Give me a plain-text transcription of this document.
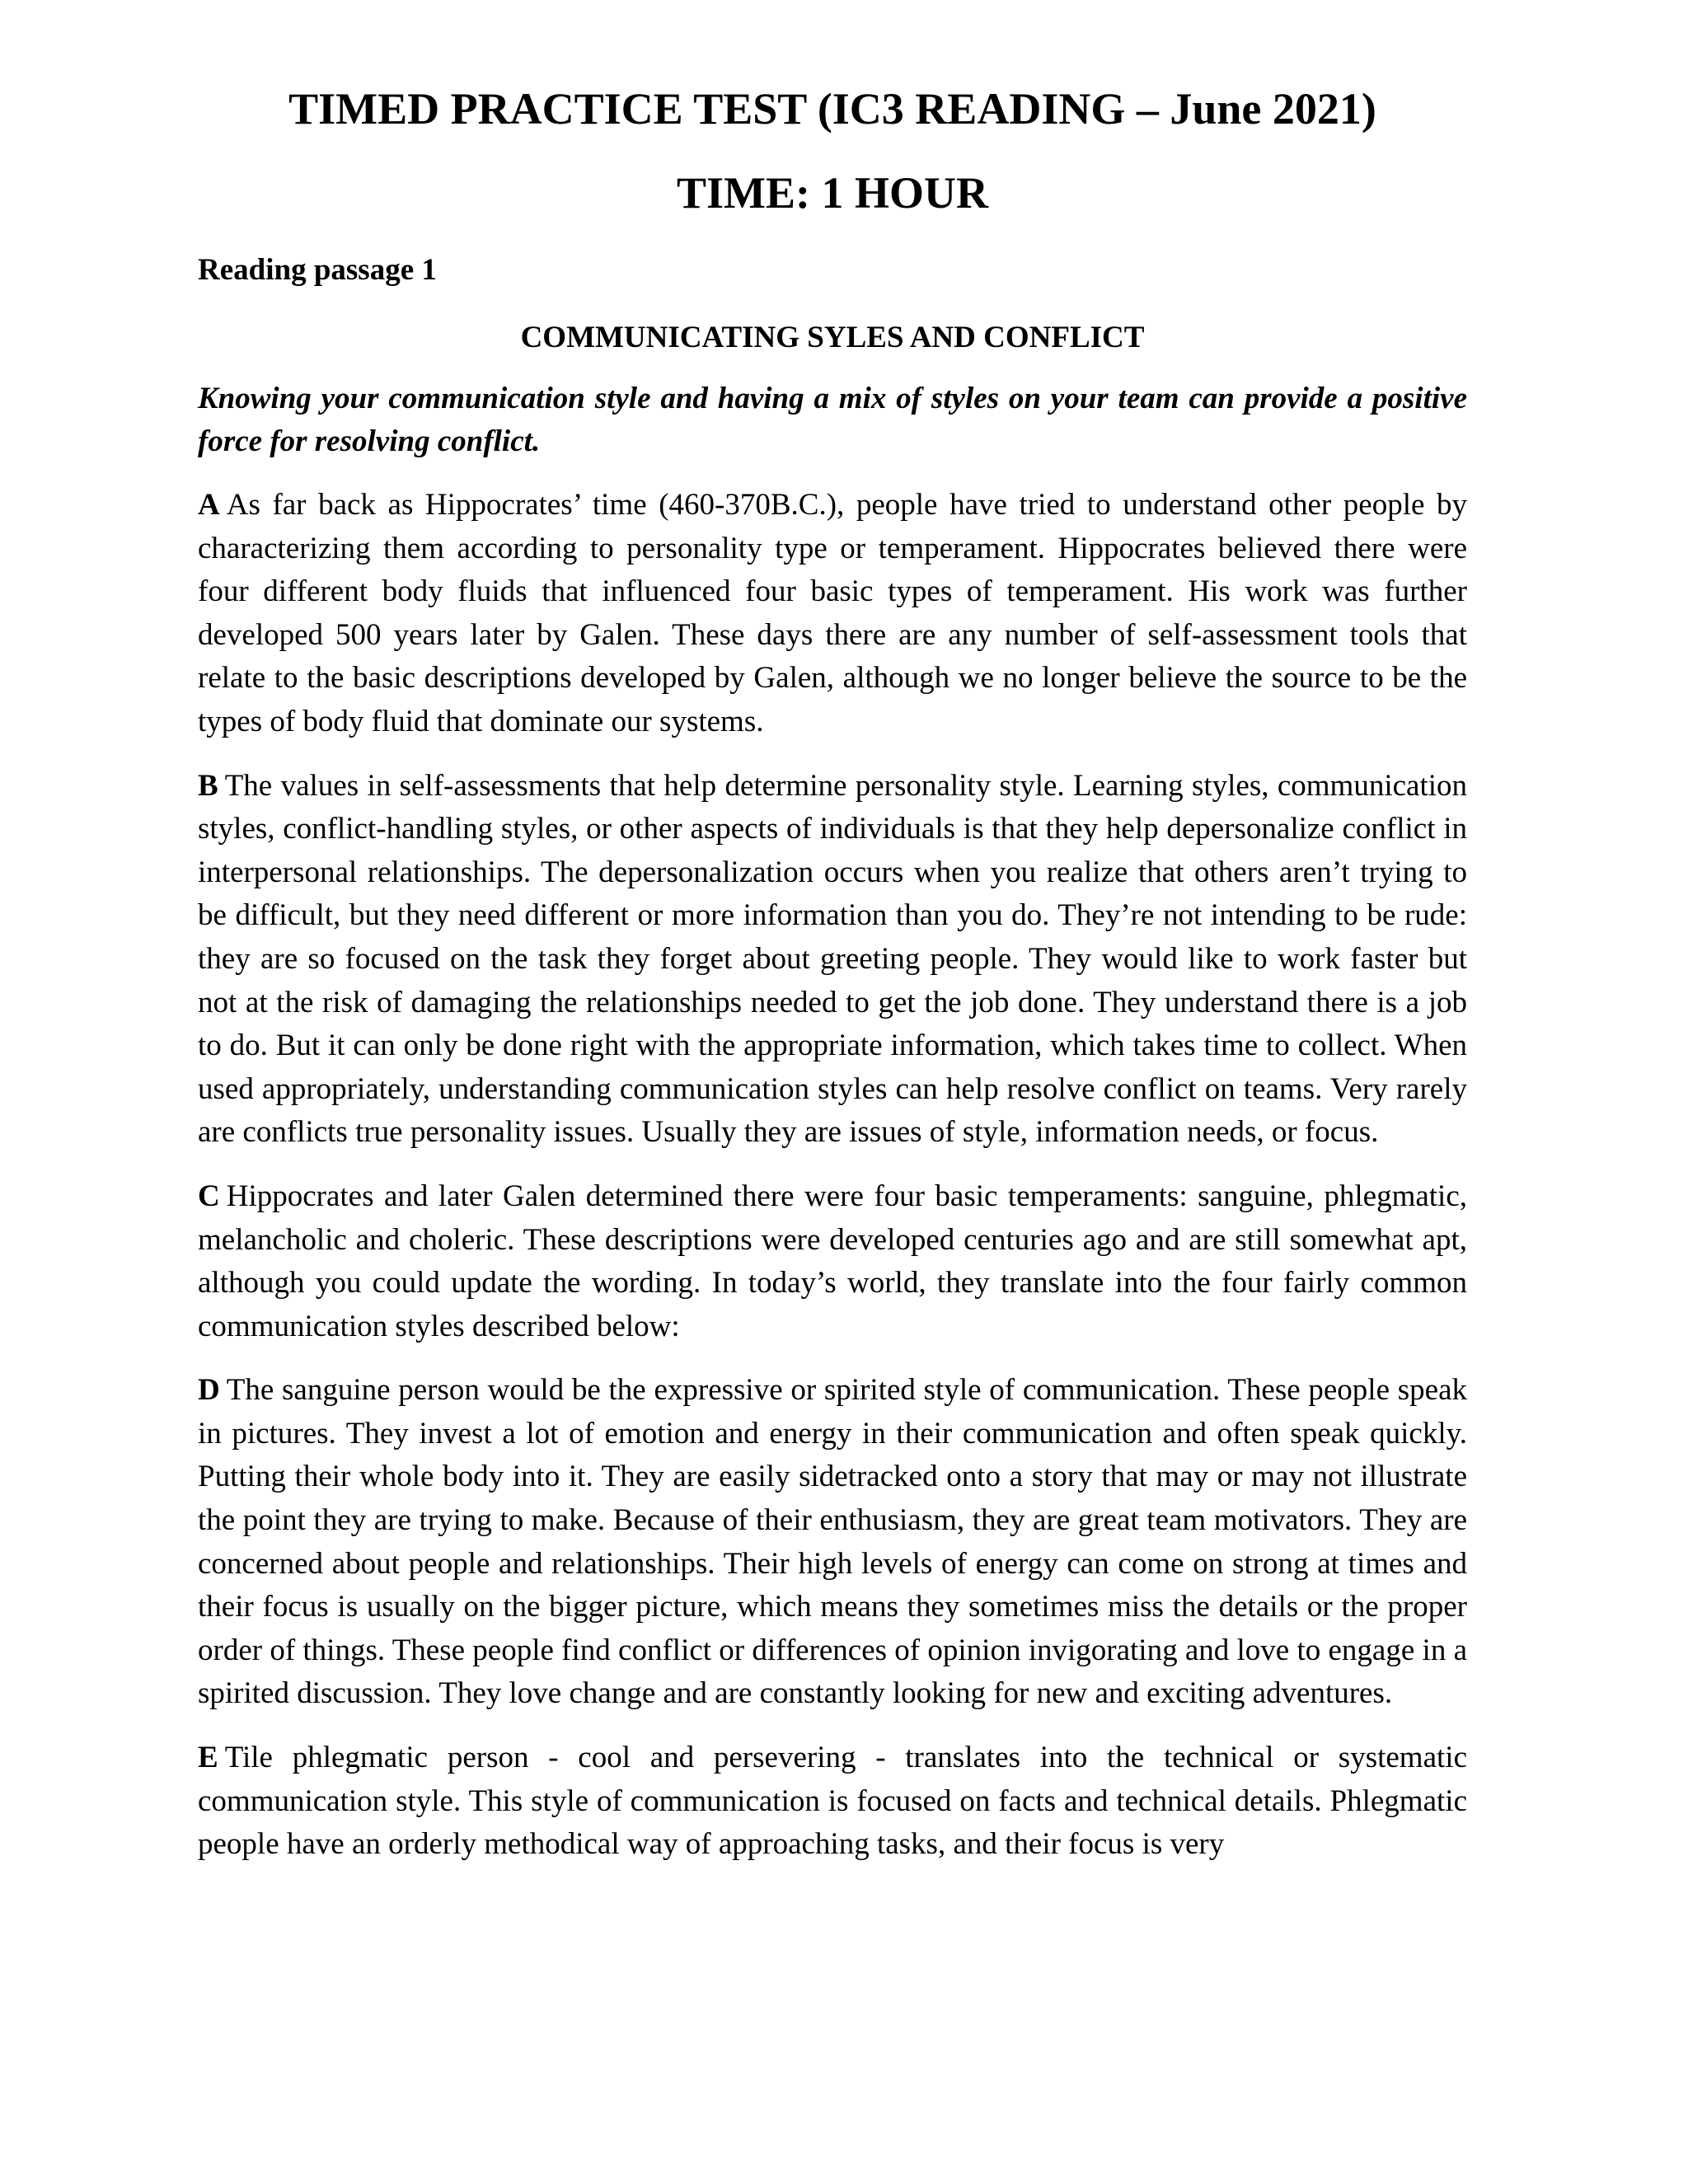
TIMED PRACTICE TEST (IC3 READING – June 2021)
TIME: 1 HOUR
Reading passage 1
COMMUNICATING SYLES AND CONFLICT
Knowing your communication style and having a mix of styles on your team can provide a positive force for resolving conflict.
A As far back as Hippocrates’ time (460-370B.C.), people have tried to understand other people by characterizing them according to personality type or temperament. Hippocrates believed there were four different body fluids that influenced four basic types of temperament. His work was further developed 500 years later by Galen. These days there are any number of self-assessment tools that relate to the basic descriptions developed by Galen, although we no longer believe the source to be the types of body fluid that dominate our systems.
B The values in self-assessments that help determine personality style. Learning styles, communication styles, conflict-handling styles, or other aspects of individuals is that they help depersonalize conflict in interpersonal relationships. The depersonalization occurs when you realize that others aren’t trying to be difficult, but they need different or more information than you do. They’re not intending to be rude: they are so focused on the task they forget about greeting people. They would like to work faster but not at the risk of damaging the relationships needed to get the job done. They understand there is a job to do. But it can only be done right with the appropriate information, which takes time to collect. When used appropriately, understanding communication styles can help resolve conflict on teams. Very rarely are conflicts true personality issues. Usually they are issues of style, information needs, or focus.
C Hippocrates and later Galen determined there were four basic temperaments: sanguine, phlegmatic, melancholic and choleric. These descriptions were developed centuries ago and are still somewhat apt, although you could update the wording. In today’s world, they translate into the four fairly common communication styles described below:
D The sanguine person would be the expressive or spirited style of communication. These people speak in pictures. They invest a lot of emotion and energy in their communication and often speak quickly. Putting their whole body into it. They are easily sidetracked onto a story that may or may not illustrate the point they are trying to make. Because of their enthusiasm, they are great team motivators. They are concerned about people and relationships. Their high levels of energy can come on strong at times and their focus is usually on the bigger picture, which means they sometimes miss the details or the proper order of things. These people find conflict or differences of opinion invigorating and love to engage in a spirited discussion. They love change and are constantly looking for new and exciting adventures.
E Tile phlegmatic person - cool and persevering - translates into the technical or systematic communication style. This style of communication is focused on facts and technical details. Phlegmatic people have an orderly methodical way of approaching tasks, and their focus is very
